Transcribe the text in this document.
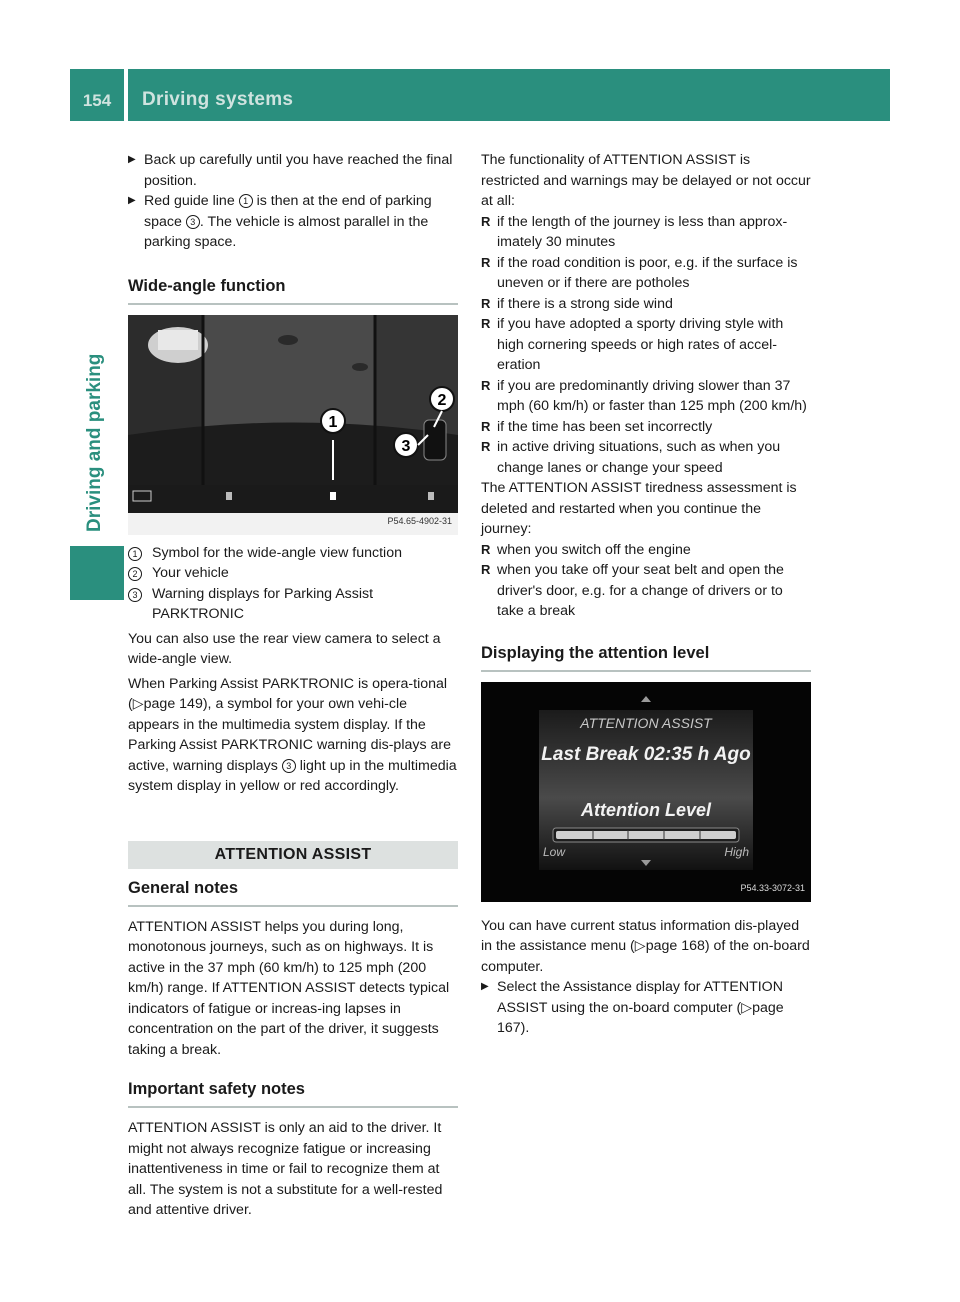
154	Driving systems
Driving and parking

▶ Back up carefully until you have reached the final position.

▶ Red guide line 1 is then at the end of parking space 3 . The vehicle is almost parallel in the parking space.

Wide-angle function
1
2
3
P54.65-4902-31

1	Symbol for the wide-angle view function

2	Your vehicle

3	Warning displays for Parking Assist PARKTRONIC

You can also use the rear view camera to select a wide-angle view.

When Parking Assist PARKTRONIC is opera-tional (▷page 149), a symbol for your own vehi-cle appears in the multimedia system display. If the Parking Assist PARKTRONIC warning dis-plays are active, warning displays 3 light up in the multimedia system display in yellow or red accordingly.

ATTENTION ASSIST
General notes

ATTENTION ASSIST helps you during long, monotonous journeys, such as on highways. It is active in the 37 mph (60 km/h) to 125 mph (200 km/h) range. If ATTENTION ASSIST detects typical indicators of fatigue or increas-ing lapses in concentration on the part of the driver, it suggests taking a break.

Important safety notes

ATTENTION ASSIST is only an aid to the driver. It might not always recognize fatigue or increasing inattentiveness in time or fail to recognize them at all. The system is not a substitute for a well-rested and attentive driver.

The functionality of ATTENTION ASSIST is restricted and warnings may be delayed or not occur at all:

R if the length of the journey is less than approx-imately 30 minutes

R if the road condition is poor, e.g. if the surface is uneven or if there are potholes

R if there is a strong side wind

R if you have adopted a sporty driving style with high cornering speeds or high rates of accel-eration

R if you are predominantly driving slower than 37 mph (60 km/h) or faster than 125 mph (200 km/h)

R if the time has been set incorrectly

R in active driving situations, such as when you change lanes or change your speed

The ATTENTION ASSIST tiredness assessment is deleted and restarted when you continue the journey:

R when you switch off the engine

R when you take off your seat belt and open the driver's door, e.g. for a change of drivers or to take a break

Displaying the attention level
ATTENTION ASSIST
Last Break 02:35 h Ago
Attention Level
Low	High
P54.33-3072-31

You can have current status information dis-played in the assistance menu (▷page 168) of the on-board computer.

▶ Select the Assistance display for ATTENTION ASSIST using the on-board computer (▷page 167).
